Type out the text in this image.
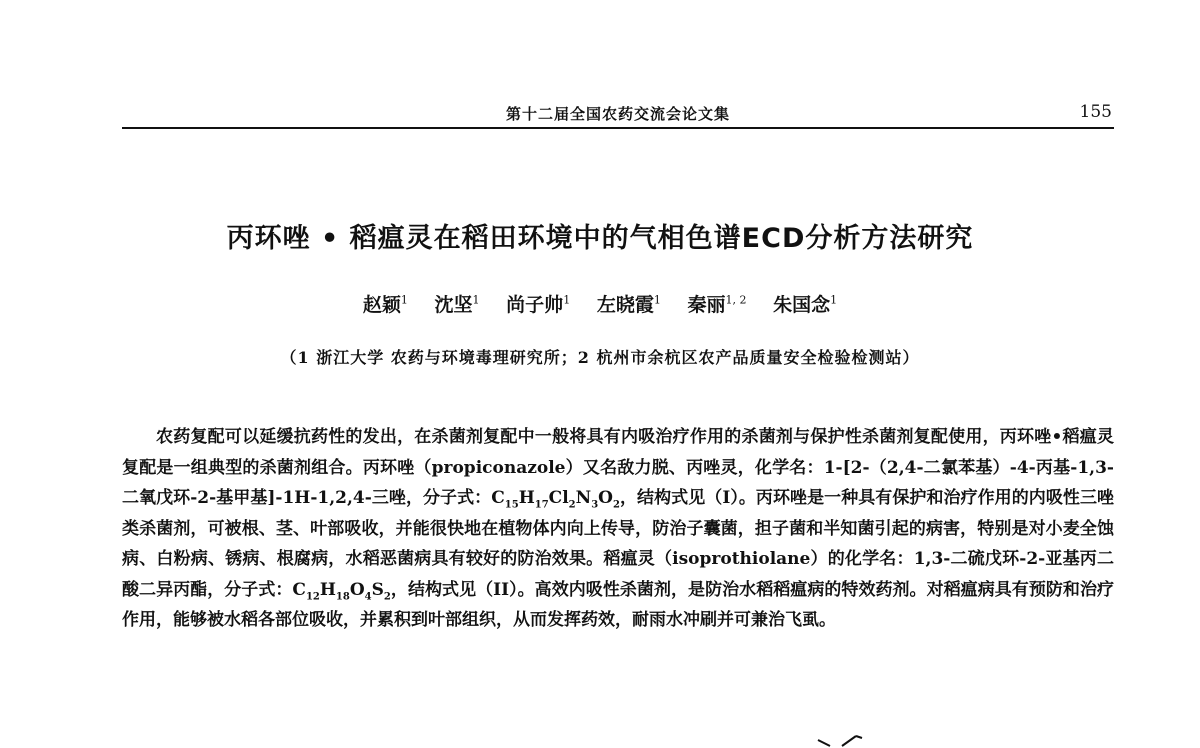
第十二届全国农药交流会论文集	155
丙环唑 • 稻瘟灵在稻田环境中的气相色谱ECD分析方法研究
赵颖$^1$ 沈坚$^1$ 尚子帅$^1$ 左晓霞$^1$ 秦丽$^{1, 2}$ 朱国念$^1$
（1 浙江大学 农药与环境毒理研究所；2 杭州市余杭区农产品质量安全检验检测站）

农药复配可以延缓抗药性的发出，在杀菌剂复配中一般将具有内吸治疗作用的杀菌剂与保护性杀菌剂复配使用，丙环唑•稻瘟灵复配是一组典型的杀菌剂组合。丙环唑（propiconazole）又名敌力脱、丙唑灵，化学名：1-[2-（2,4-二氯苯基）-4-丙基-1,3-二氧戊环-2-基甲基]-1H-1,2,4-三唑，分子式：$C_{15}H_{17}Cl_2N_3O_2$，结构式见（I）。丙环唑是一种具有保护和治疗作用的内吸性三唑类杀菌剂，可被根、茎、叶部吸收，并能很快地在植物体内向上传导，防治子囊菌，担子菌和半知菌引起的病害，特别是对小麦全蚀病、白粉病、锈病、根腐病，水稻恶菌病具有较好的防治效果。稻瘟灵（isoprothiolane）的化学名：1,3-二硫戊环-2-亚基丙二酸二异丙酯，分子式：$C_{12}H_{18}O_4S_2$，结构式见（II）。高效内吸性杀菌剂，是防治水稻稻瘟病的特效药剂。对稻瘟病具有预防和治疗作用，能够被水稻各部位吸收，并累积到叶部组织，从而发挥药效，耐雨水冲刷并可兼治飞虱。
